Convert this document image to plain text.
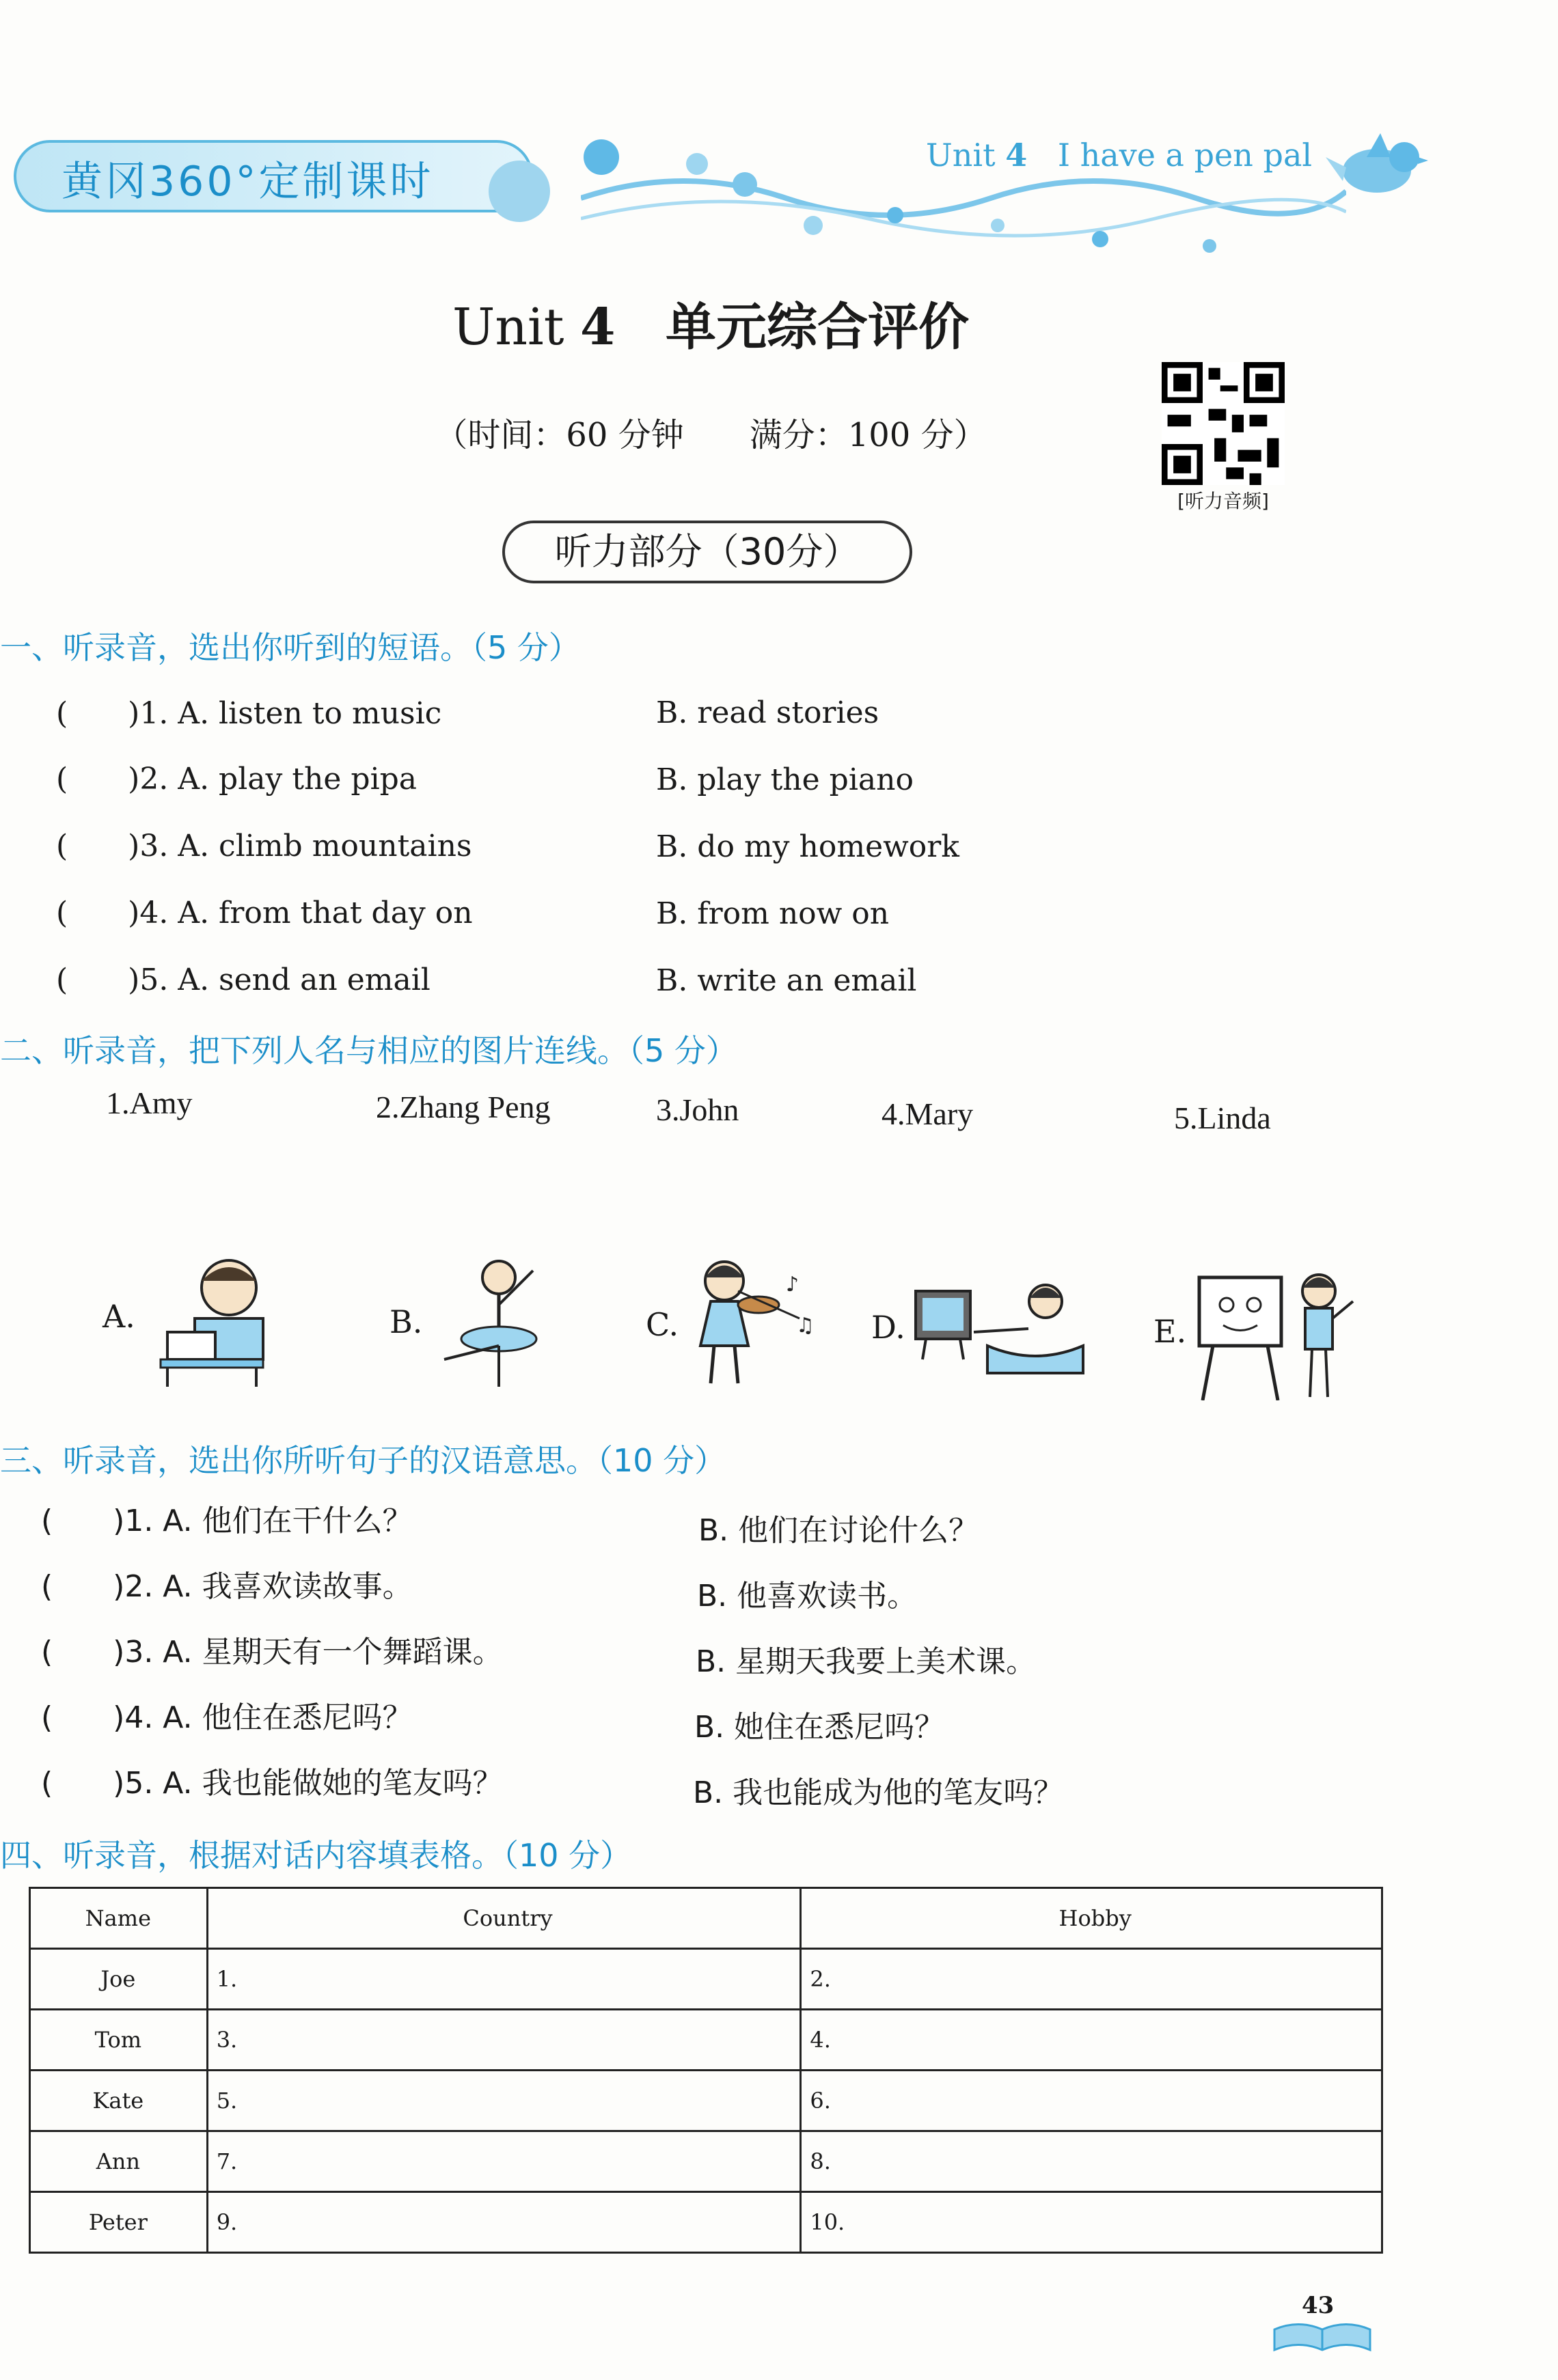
黄冈360°定制课时
Unit 4 I have a pen pal
Unit 4 单元综合评价
（时间：60 分钟　　满分：100 分）
[听力音频]
听力部分（30分）
一、听录音，选出你听到的短语。（5 分）
(　　)1. A. listen to music	B. read stories
(　　)2. A. play the pipa	B. play the piano
(　　)3. A. climb mountains	B. do my homework
(　　)4. A. from that day on	B. from now on
(　　)5. A. send an email	B. write an email
二、听录音，把下列人名与相应的图片连线。（5 分）
1.Amy	2.Zhang Peng	3.John	4.Mary	5.Linda
A.	B.	C.
♪
♫ D.	E.
三、听录音，选出你所听句子的汉语意思。（10 分）
(　　)1. A. 他们在干什么？	B. 他们在讨论什么？
(　　)2. A. 我喜欢读故事。	B. 他喜欢读书。
(　　)3. A. 星期天有一个舞蹈课。	B. 星期天我要上美术课。
(　　)4. A. 他住在悉尼吗？	B. 她住在悉尼吗？
(　　)5. A. 我也能做她的笔友吗？	B. 我也能成为他的笔友吗？
四、听录音，根据对话内容填表格。（10 分）
Name	Country	Hobby
Joe	1.	2.
Tom	3.	4.
Kate	5.	6.
Ann	7.	8.
Peter	9.	10.
43
